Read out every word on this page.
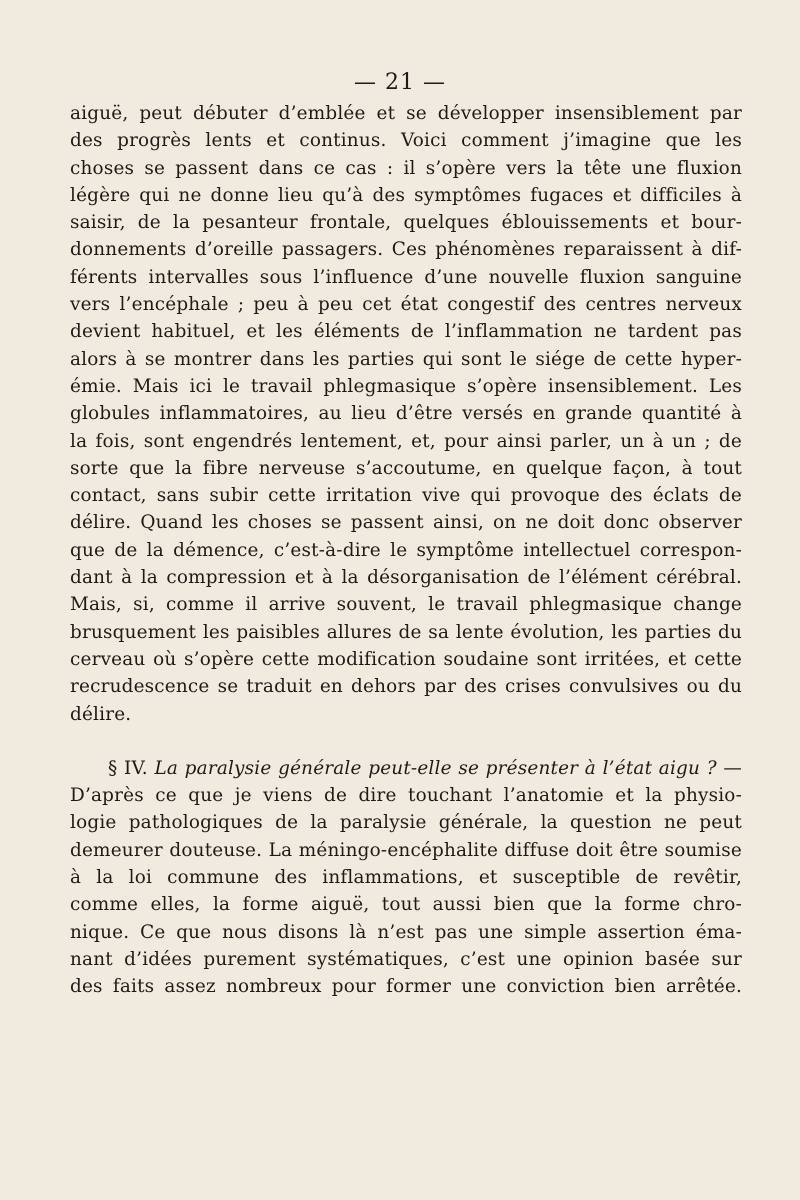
— 21 —
aiguë, peut débuter d’emblée et se développer insensiblement par
des progrès lents et continus. Voici comment j’imagine que les
choses se passent dans ce cas : il s’opère vers la tête une fluxion
légère qui ne donne lieu qu’à des symptômes fugaces et difficiles à
saisir, de la pesanteur frontale, quelques éblouissements et bour-
donnements d’oreille passagers. Ces phénomènes reparaissent à dif-
férents intervalles sous l’influence d’une nouvelle fluxion sanguine
vers l’encéphale ; peu à peu cet état congestif des centres nerveux
devient habituel, et les éléments de l’inflammation ne tardent pas
alors à se montrer dans les parties qui sont le siége de cette hyper-
émie. Mais ici le travail phlegmasique s’opère insensiblement. Les
globules inflammatoires, au lieu d’être versés en grande quantité à
la fois, sont engendrés lentement, et, pour ainsi parler, un à un ; de
sorte que la fibre nerveuse s’accoutume, en quelque façon, à tout
contact, sans subir cette irritation vive qui provoque des éclats de
délire. Quand les choses se passent ainsi, on ne doit donc observer
que de la démence, c’est-à-dire le symptôme intellectuel correspon-
dant à la compression et à la désorganisation de l’élément cérébral.
Mais, si, comme il arrive souvent, le travail phlegmasique change
brusquement les paisibles allures de sa lente évolution, les parties du
cerveau où s’opère cette modification soudaine sont irritées, et cette
recrudescence se traduit en dehors par des crises convulsives ou du
délire.
§ IV. La paralysie générale peut-elle se présenter à l’état aigu ? —
D’après ce que je viens de dire touchant l’anatomie et la physio-
logie pathologiques de la paralysie générale, la question ne peut
demeurer douteuse. La méningo-encéphalite diffuse doit être soumise
à la loi commune des inflammations, et susceptible de revêtir,
comme elles, la forme aiguë, tout aussi bien que la forme chro-
nique. Ce que nous disons là n’est pas une simple assertion éma-
nant d’idées purement systématiques, c’est une opinion basée sur
des faits assez nombreux pour former une conviction bien arrêtée.
